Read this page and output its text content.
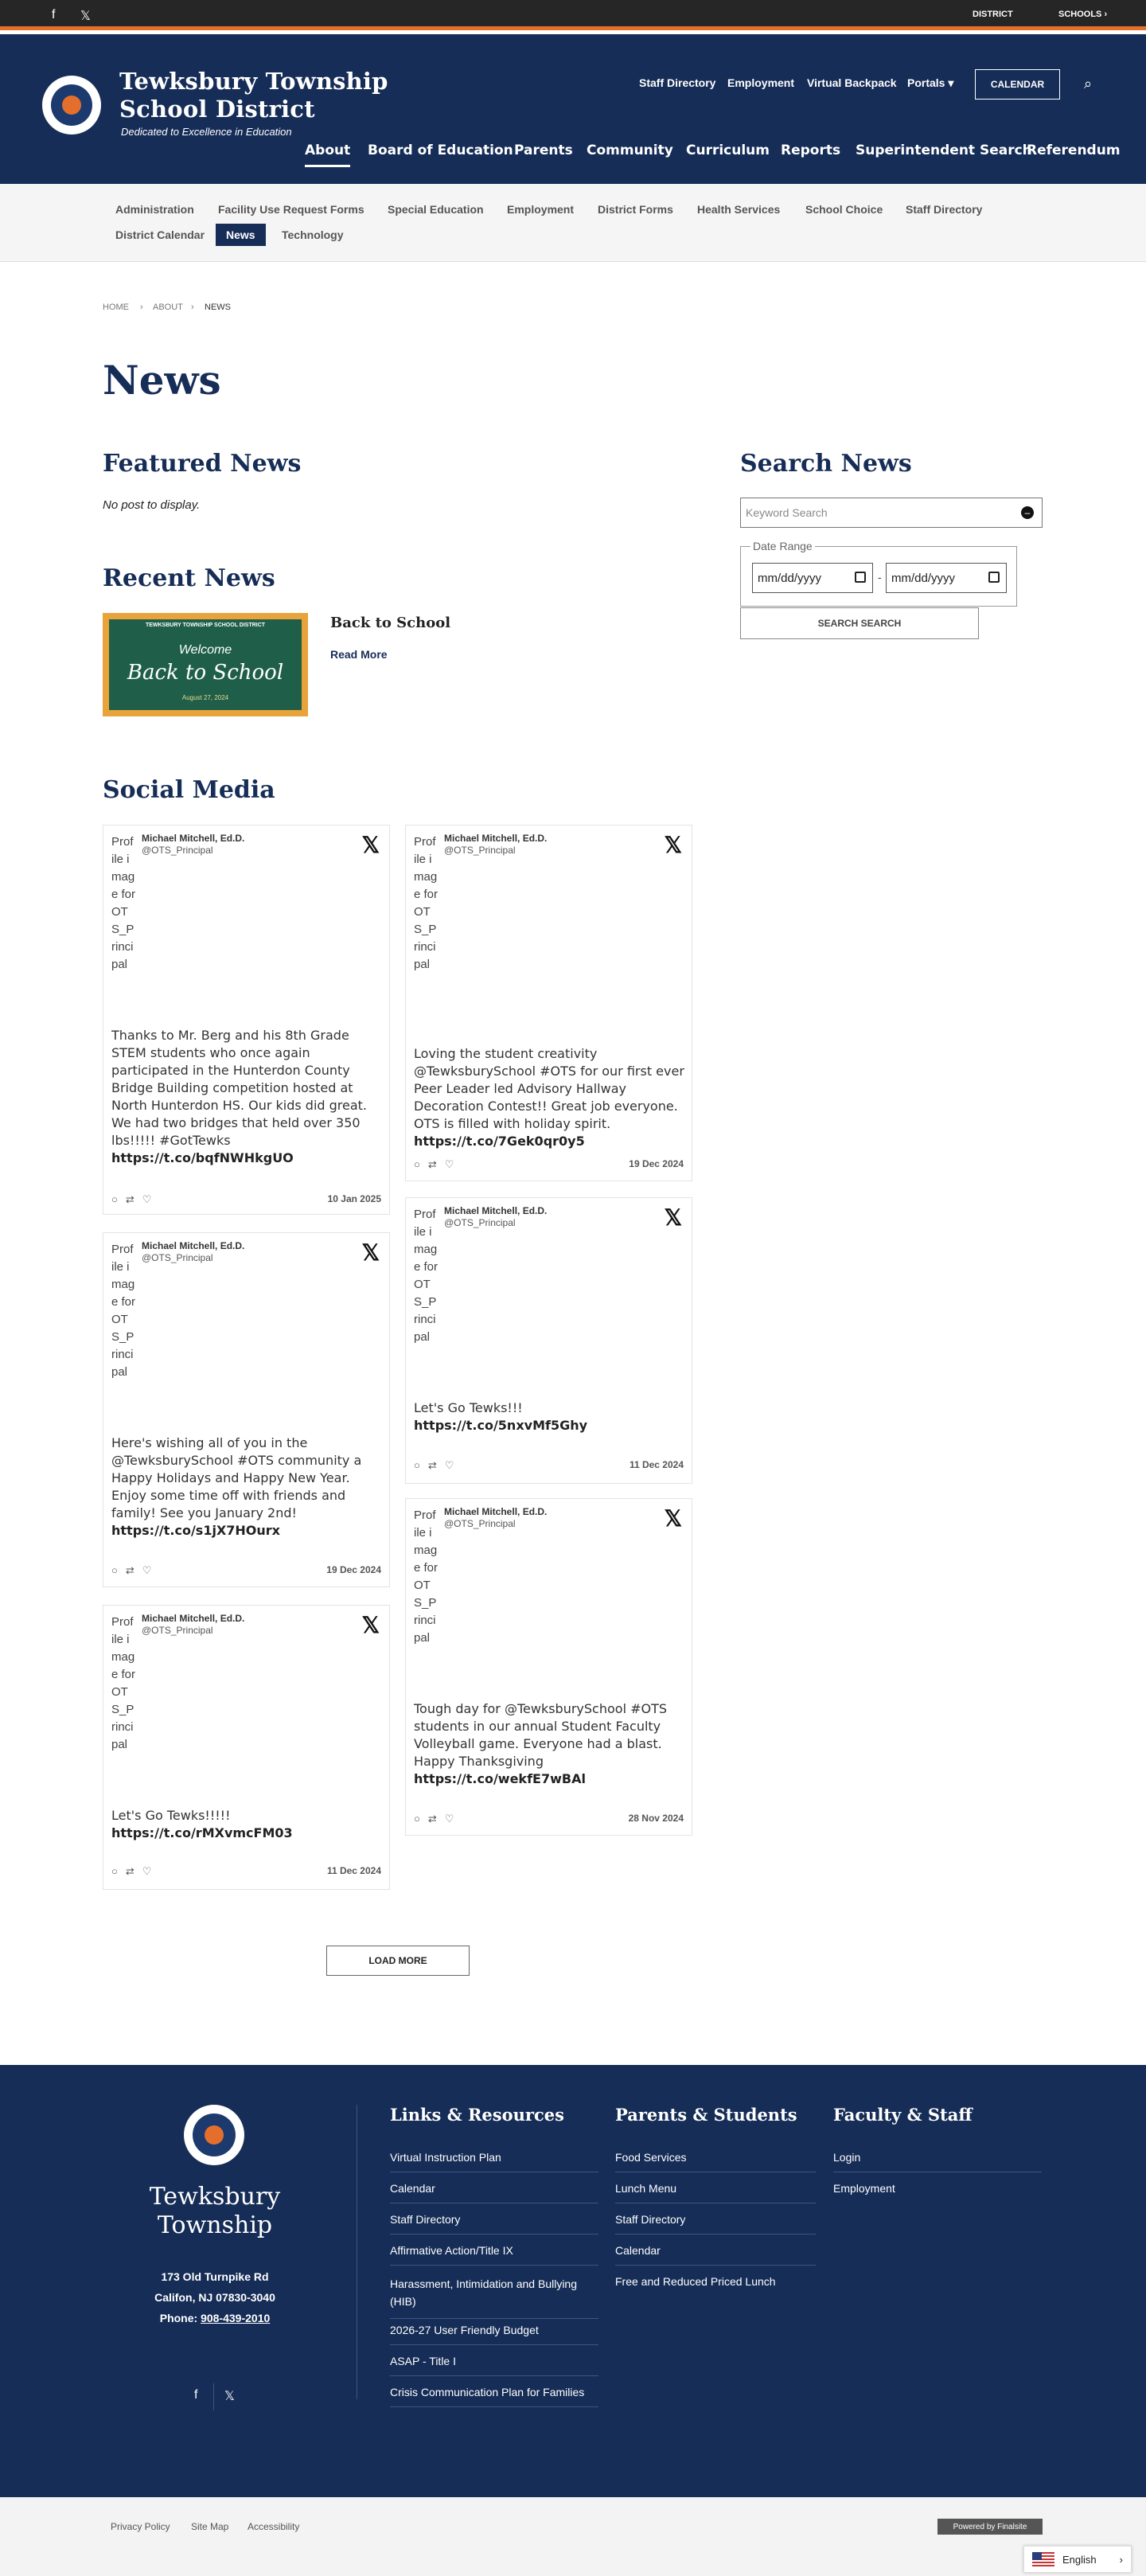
f 𝕏	DISTRICT	SCHOOLS ›
Tewksbury Township
School District
Dedicated to Excellence in Education
Staff Directory Employment Virtual Backpack Portals ▾	CALENDAR	⌕
About Board of Education Parents Community Curriculum Reports Superintendent Search
Referendum
Administration Facility Use Request Forms Special Education Employment District Forms Health Services School Choice Staff Directory
District Calendar	News	Technology
HOME › ABOUT › NEWS
News
Featured News
No post to display.
Recent News
TEWKSBURY TOWNSHIP SCHOOL DISTRICT
Welcome
Back to School
August 27, 2024
Back to School
Read More
Search News
Keyword Search	–
Date Range
mm/dd/yyyy	- mm/dd/yyyy
SEARCH SEARCH
Social Media
Profile image for OTS_Principal
Michael Mitchell, Ed.D.
@OTS_Principal	𝕏
Thanks to Mr. Berg and his 8th Grade STEM students who once again participated in the Hunterdon County Bridge Building competition hosted at North Hunterdon HS. Our kids did great. We had two bridges that held over 350 lbs!!!!! #GotTewks
https://t.co/bqfNWHkgUO
○⇄♡	10 Jan 2025
Profile image for OTS_Principal
Michael Mitchell, Ed.D.
@OTS_Principal	𝕏
Loving the student creativity @TewksburySchool #OTS for our first ever Peer Leader led Advisory Hallway Decoration Contest!! Great job everyone. OTS is filled with holiday spirit.
https://t.co/7Gek0qr0y5
○⇄♡	19 Dec 2024
Profile image for OTS_Principal
Michael Mitchell, Ed.D.
@OTS_Principal	𝕏
Here's wishing all of you in the @TewksburySchool #OTS community a Happy Holidays and Happy New Year. Enjoy some time off with friends and family! See you January 2nd!
https://t.co/s1jX7HOurx
○⇄♡	19 Dec 2024
Profile image for OTS_Principal
Michael Mitchell, Ed.D.
@OTS_Principal	𝕏
Let's Go Tewks!!!
https://t.co/5nxvMf5Ghy
○⇄♡	11 Dec 2024
Profile image for OTS_Principal
Michael Mitchell, Ed.D.
@OTS_Principal	𝕏
Let's Go Tewks!!!!!
https://t.co/rMXvmcFM03
○⇄♡	11 Dec 2024
Profile image for OTS_Principal
Michael Mitchell, Ed.D.
@OTS_Principal	𝕏
Tough day for @TewksburySchool #OTS students in our annual Student Faculty Volleyball game. Everyone had a blast. Happy Thanksgiving
https://t.co/wekfE7wBAl
○⇄♡	28 Nov 2024
LOAD MORE
Tewksbury
Township
173 Old Turnpike Rd
Califon, NJ 07830-3040
Phone: 908-439-2010
f 𝕏
Links & Resources
Virtual Instruction Plan
Calendar
Staff Directory
Affirmative Action/Title IX
Harassment, Intimidation and Bullying (HIB)
2026-27 User Friendly Budget
ASAP - Title I
Crisis Communication Plan for Families
Parents & Students
Food Services
Lunch Menu
Staff Directory
Calendar
Free and Reduced Priced Lunch
Faculty & Staff
Login
Employment
Privacy Policy Site Map Accessibility	Powered by Finalsite
English ›
